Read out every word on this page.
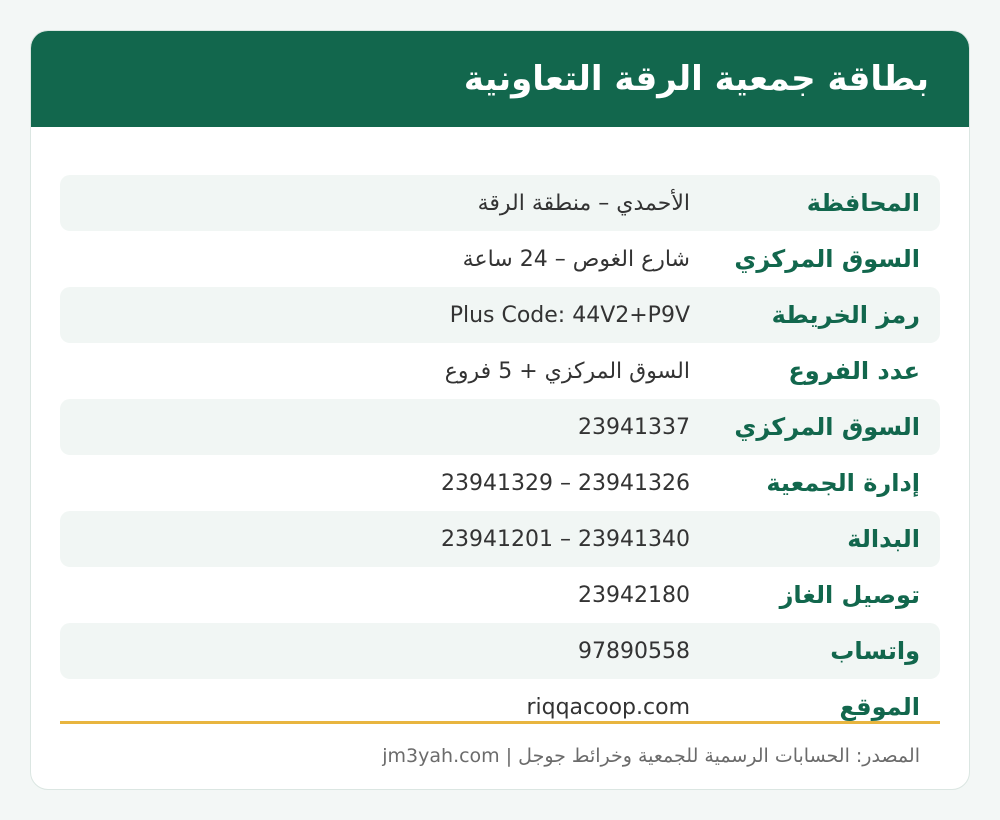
بطاقة جمعية الرقة التعاونية
المحافظة
الأحمدي – منطقة الرقة
السوق المركزي
شارع الغوص – 24 ساعة
رمز الخريطة
Plus Code: 44V2+P9V
عدد الفروع
السوق المركزي + 5 فروع
السوق المركزي
23941337
إدارة الجمعية
23941326 – 23941329
البدالة
23941340 – 23941201
توصيل الغاز
23942180
واتساب
97890558
الموقع
riqqacoop.com

المصدر: الحسابات الرسمية للجمعية وخرائط جوجل | jm3yah.com
